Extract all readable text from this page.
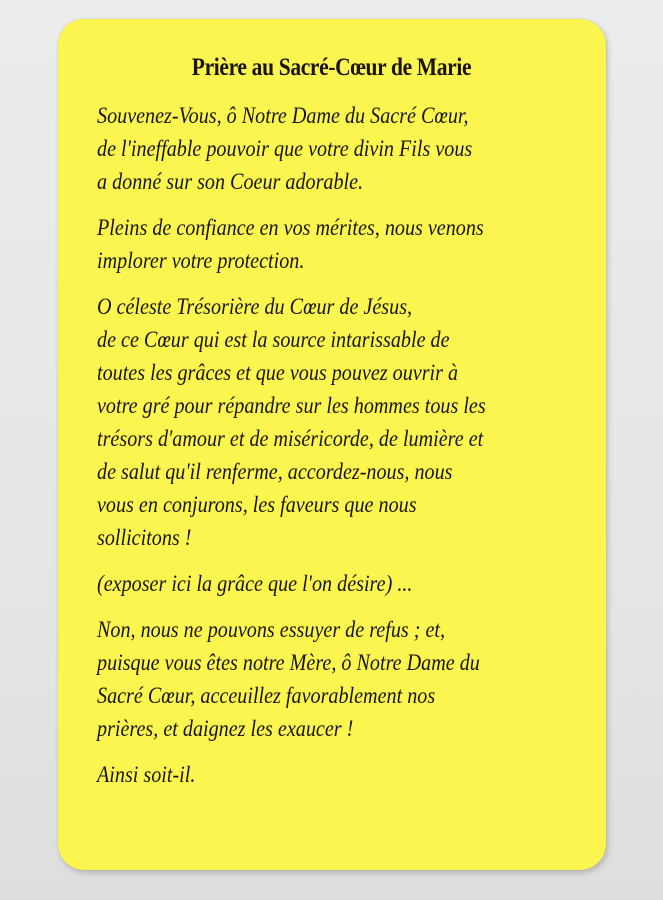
Prière au Sacré-Cœur de Marie
Souvenez-Vous, ô Notre Dame du Sacré Cœur,
de l'ineffable pouvoir que votre divin Fils vous
a donné sur son Coeur adorable.
Pleins de confiance en vos mérites, nous venons
implorer votre protection.
O céleste Trésorière du Cœur de Jésus,
de ce Cœur qui est la source intarissable de
toutes les grâces et que vous pouvez ouvrir à
votre gré pour répandre sur les hommes tous les
trésors d'amour et de miséricorde, de lumière et
de salut qu'il renferme, accordez-nous, nous
vous en conjurons, les faveurs que nous
sollicitons !
(exposer ici la grâce que l'on désire) ...
Non, nous ne pouvons essuyer de refus ; et,
puisque vous êtes notre Mère, ô Notre Dame du
Sacré Cœur, acceuillez favorablement nos
prières, et daignez les exaucer !
Ainsi soit-il.
